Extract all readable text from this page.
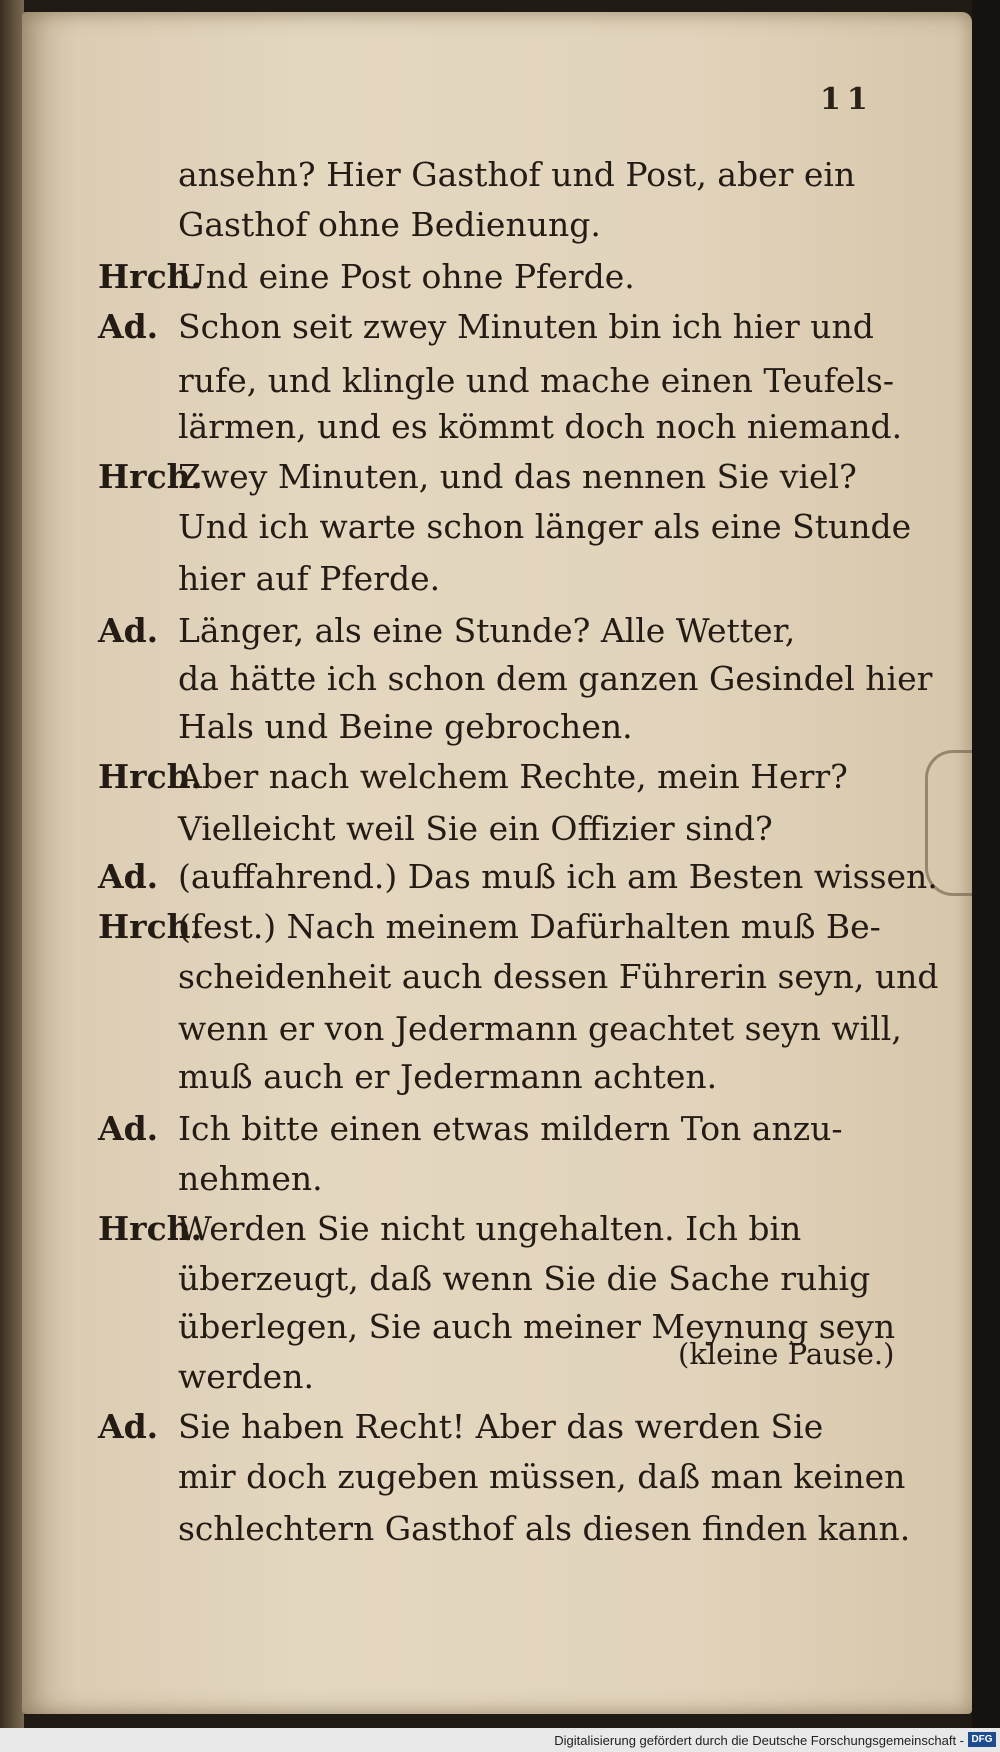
11
(kleine Pause.)
ansehn? Hier Gasthof und Post, aber ein
Gasthof ohne Bedienung.
Hrch.Und eine Post ohne Pferde.
Ad. Schon seit zwey Minuten bin ich hier und
rufe, und klingle und mache einen Teufels-
lärmen, und es kömmt doch noch niemand.
Hrch.Zwey Minuten, und das nennen Sie viel?
Und ich warte schon länger als eine Stunde
hier auf Pferde.
Ad. Länger, als eine Stunde? Alle Wetter,
da hätte ich schon dem ganzen Gesindel hier
Hals und Beine gebrochen.
Hrch.Aber nach welchem Rechte, mein Herr?
Vielleicht weil Sie ein Offizier sind?
Ad. (auffahrend.) Das muß ich am Besten wissen.
Hrch.(fest.) Nach meinem Dafürhalten muß Be-
scheidenheit auch dessen Führerin seyn, und
wenn er von Jedermann geachtet seyn will,
muß auch er Jedermann achten.
Ad. Ich bitte einen etwas mildern Ton anzu-
nehmen.
Hrch.Werden Sie nicht ungehalten. Ich bin
überzeugt, daß wenn Sie die Sache ruhig
überlegen, Sie auch meiner Meynung seyn
werden.
Ad. Sie haben Recht! Aber das werden Sie
mir doch zugeben müssen, daß man keinen
schlechtern Gasthof als diesen finden kann.
Digitalisierung gefördert durch die Deutsche Forschungsgemeinschaft - DFG
